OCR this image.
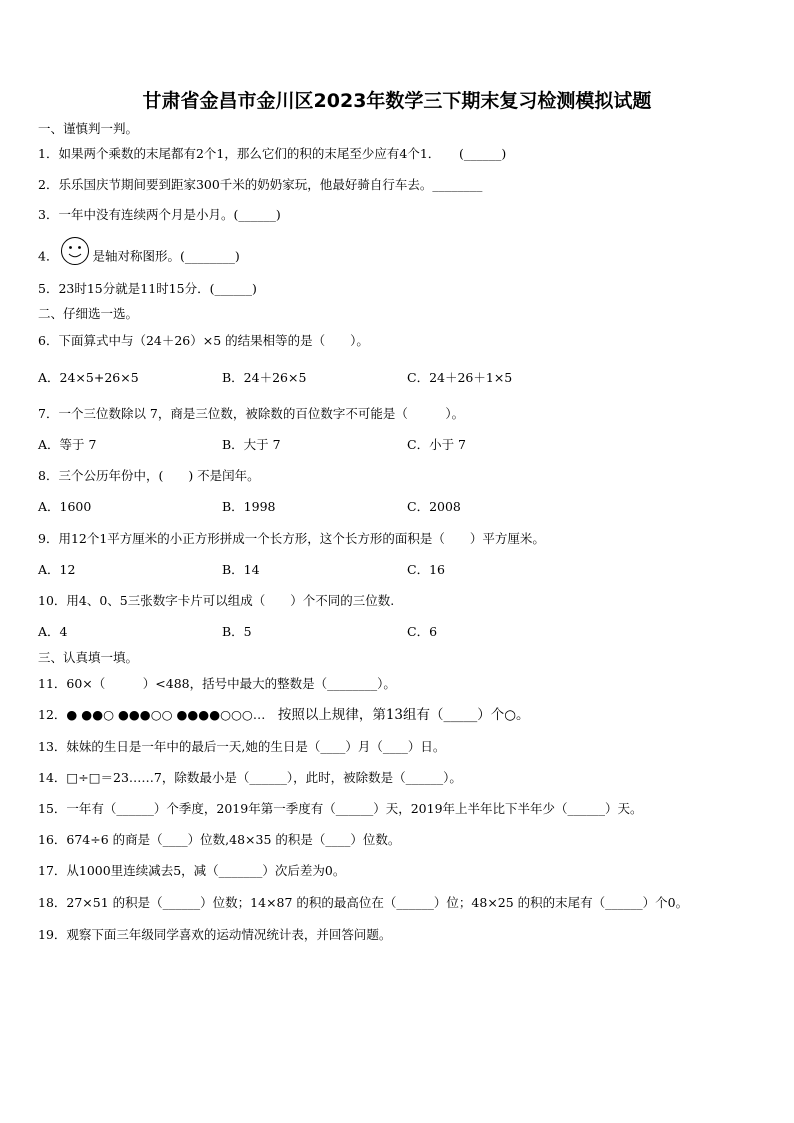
甘肃省金昌市金川区2023年数学三下期末复习检测模拟试题
一、谨慎判一判。
1．如果两个乘数的末尾都有2个1，那么它们的积的末尾至少应有4个1．　　(______)
2．乐乐国庆节期间要到距家300千米的奶奶家玩，他最好骑自行车去。________
3．一年中没有连续两个月是小月。(______)
4．	是轴对称图形。(________)
5．23时15分就是11时15分．(______)
二、仔细选一选。
6．下面算式中与（24＋26）×5 的结果相等的是（　　）。
A．24×5+26×5	B．24＋26×5	C．24＋26＋1×5
7．一个三位数除以 7，商是三位数，被除数的百位数字不可能是（　　　）。
A．等于 7	B．大于 7	C．小于 7
8．三个公历年份中，(　　) 不是闰年。
A．1600	B．1998	C．2008
9．用12个1平方厘米的小正方形拼成一个长方形，这个长方形的面积是（　　）平方厘米。
A．12	B．14	C．16
10．用4、0、5三张数字卡片可以组成（　　）个不同的三位数.
A．4	B．5	C．6
三、认真填一填。
11．60×（　　　）<488，括号中最大的整数是（________）。
12．● ●●○ ●●●○○ ●●●●○○○…　按照以上规律，第13组有（_____）个○。
13．妹妹的生日是一年中的最后一天,她的生日是（____）月（____）日。
14．□÷□＝23……7，除数最小是（______），此时，被除数是（______）。
15．一年有（______）个季度，2019年第一季度有（______）天，2019年上半年比下半年少（______）天。
16．674÷6 的商是（____）位数,48×35 的积是（____）位数。
17．从1000里连续减去5，减（_______）次后差为0。
18．27×51 的积是（______）位数；14×87 的积的最高位在（______）位；48×25 的积的末尾有（______）个0。
19．观察下面三年级同学喜欢的运动情况统计表，并回答问题。
